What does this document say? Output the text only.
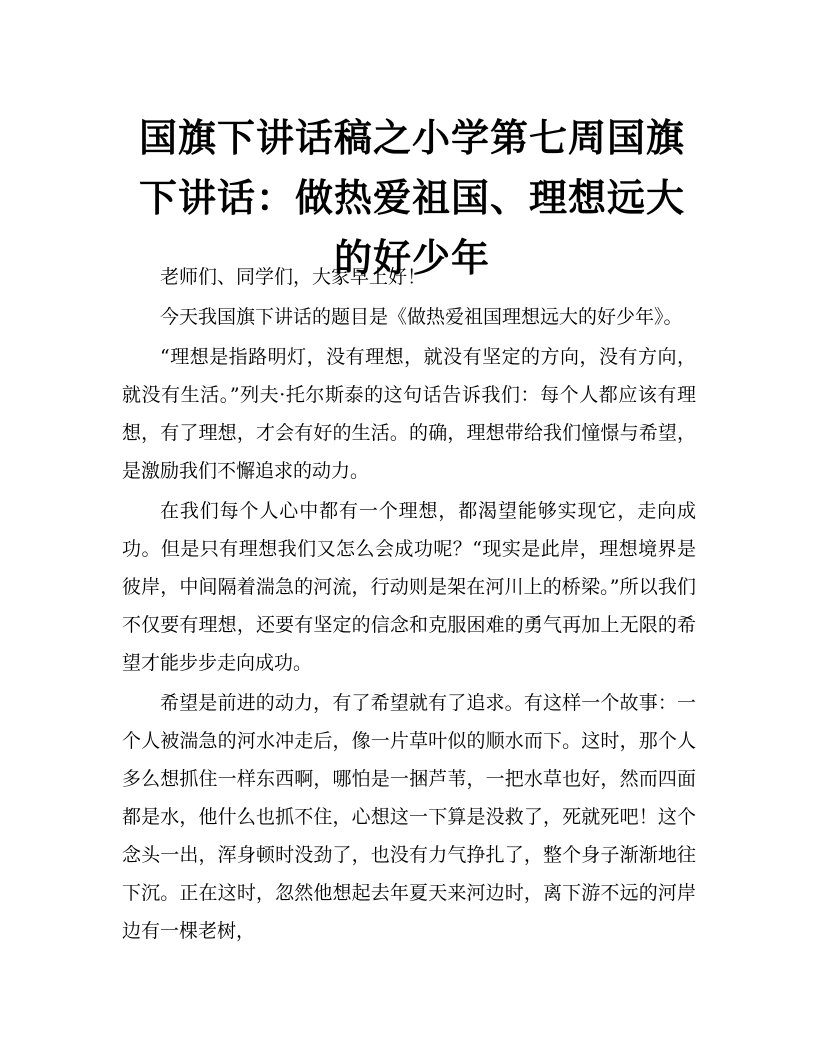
国旗下讲话稿之小学第七周国旗下讲话：做热爱祖国、理想远大的好少年

老师们、同学们，大家早上好！

今天我国旗下讲话的题目是《做热爱祖国理想远大的好少年》。

“理想是指路明灯，没有理想，就没有坚定的方向，没有方向，就没有生活。”列夫·托尔斯泰的这句话告诉我们：每个人都应该有理想，有了理想，才会有好的生活。的确，理想带给我们憧憬与希望，是激励我们不懈追求的动力。

在我们每个人心中都有一个理想，都渴望能够实现它，走向成功。但是只有理想我们又怎么会成功呢？“现实是此岸，理想境界是彼岸，中间隔着湍急的河流，行动则是架在河川上的桥梁。”所以我们不仅要有理想，还要有坚定的信念和克服困难的勇气再加上无限的希望才能步步走向成功。

希望是前进的动力，有了希望就有了追求。有这样一个故事：一个人被湍急的河水冲走后，像一片草叶似的顺水而下。这时，那个人多么想抓住一样东西啊，哪怕是一捆芦苇，一把水草也好，然而四面都是水，他什么也抓不住，心想这一下算是没救了，死就死吧！这个念头一出，浑身顿时没劲了，也没有力气挣扎了，整个身子渐渐地往下沉。正在这时，忽然他想起去年夏天来河边时，离下游不远的河岸边有一棵老树，
